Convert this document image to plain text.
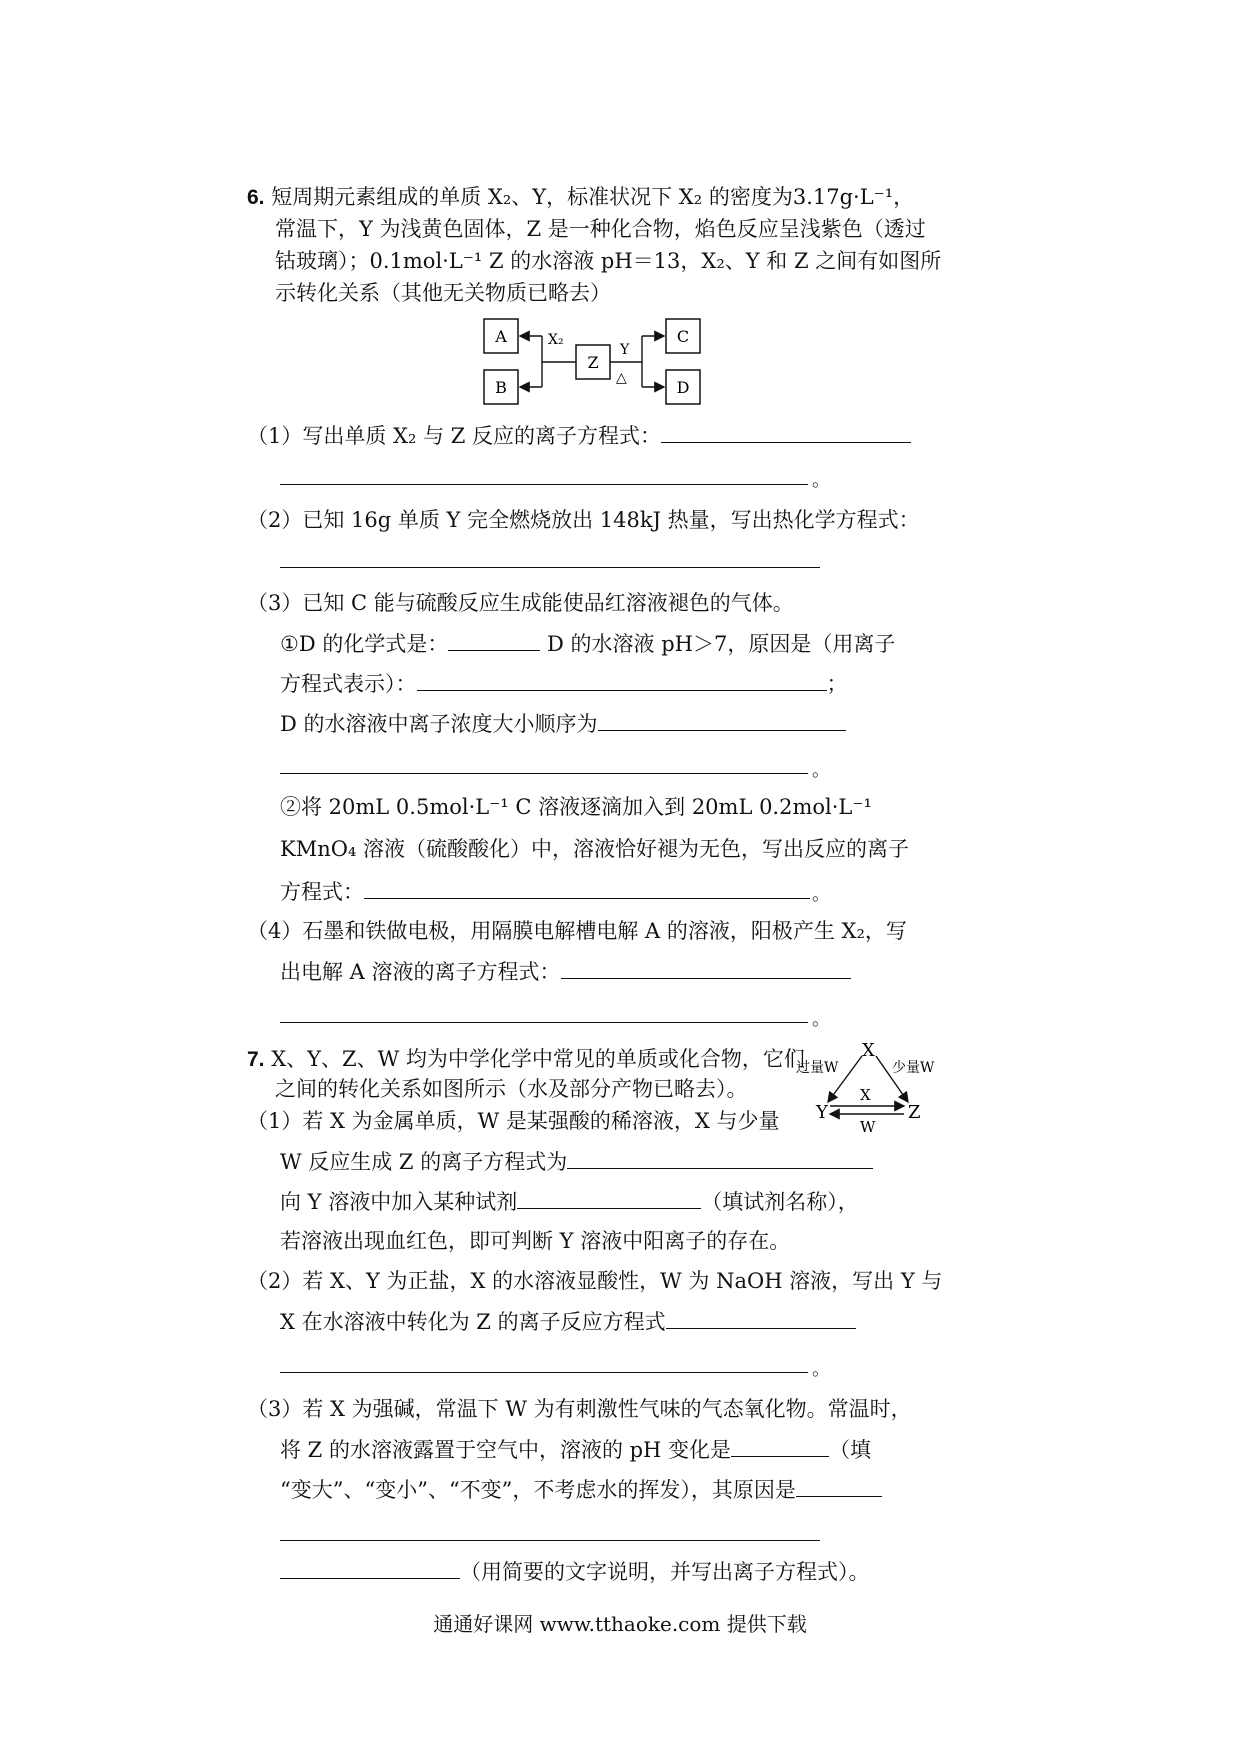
6. 短周期元素组成的单质 X₂、Y，标准状况下 X₂ 的密度为3.17g·L⁻¹，
常温下，Y 为浅黄色固体，Z 是一种化合物，焰色反应呈浅紫色（透过
钴玻璃）；0.1mol·L⁻¹ Z 的水溶液 pH＝13，X₂、Y 和 Z 之间有如图所
示转化关系（其他无关物质已略去）
A
B
Z
C
D
X₂
Y
△
（1）写出单质 X₂ 与 Z 反应的离子方程式：
。
（2）已知 16g 单质 Y 完全燃烧放出 148kJ 热量，写出热化学方程式：
（3）已知 C 能与硫酸反应生成能使品红溶液褪色的气体。
①D 的化学式是：	D 的水溶液 pH＞7，原因是（用离子
方程式表示）：	；
D 的水溶液中离子浓度大小顺序为
。
②将 20mL 0.5mol·L⁻¹ C 溶液逐滴加入到 20mL 0.2mol·L⁻¹
KMnO₄ 溶液（硫酸酸化）中，溶液恰好褪为无色，写出反应的离子
方程式：	。
（4）石墨和铁做电极，用隔膜电解槽电解 A 的溶液，阳极产生 X₂，写
出电解 A 溶液的离子方程式：
。
7. X、Y、Z、W 均为中学化学中常见的单质或化合物，它们
之间的转化关系如图所示（水及部分产物已略去）。
X
Y	Z
过量W	少量W
X
W
（1）若 X 为金属单质，W 是某强酸的稀溶液，X 与少量
W 反应生成 Z 的离子方程式为
向 Y 溶液中加入某种试剂	（填试剂名称），
若溶液出现血红色，即可判断 Y 溶液中阳离子的存在。
（2）若 X、Y 为正盐，X 的水溶液显酸性，W 为 NaOH 溶液，写出 Y 与
X 在水溶液中转化为 Z 的离子反应方程式
。
（3）若 X 为强碱，常温下 W 为有刺激性气味的气态氧化物。常温时，
将 Z 的水溶液露置于空气中，溶液的 pH 变化是	（填
“变大”、“变小”、“不变”，不考虑水的挥发），其原因是
（用简要的文字说明，并写出离子方程式）。
通通好课网 www.tthaoke.com 提供下载
